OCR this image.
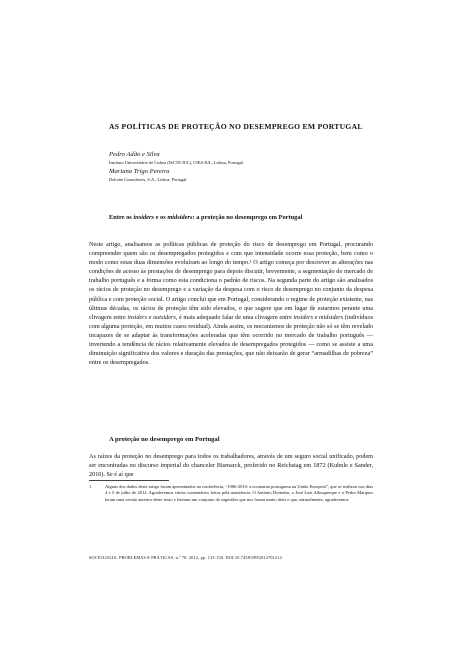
AS POLÍTICAS DE PROTEÇÃO NO DESEMPREGO EM PORTUGAL
Pedro Adão e Silva
Instituto Universitário de Lisboa (ISCTE-IUL), CIES-IUL, Lisboa, Portugal
Mariana Trigo Pereira
Deloitte Consultores, S.A., Lisboa, Portugal
Entre os insiders e os midsiders: a proteção no desemprego em Portugal

Neste artigo, analisamos as políticas públicas de proteção do risco de desemprego em Portugal, procurando compreender quem são os desempregados protegidos e com que intensidade ocorre essa proteção, bem como o modo como estas duas dimensões evoluíram ao longo do tempo.¹ O artigo começa por descrever as alterações nas condições de acesso às prestações de desemprego para depois discutir, brevemente, a segmentação do mercado de trabalho português e a forma como esta condiciona o padrão de riscos. Na segunda parte do artigo são analisados os rácios de proteção no desemprego e a variação da despesa com o risco de desemprego no conjunto da despesa pública e com proteção social. O artigo conclui que em Portugal, considerando o regime de proteção existente, nas últimas décadas, os rácios de proteção têm sido elevados, o que sugere que em lugar de estarmos perante uma clivagem entre insiders e outsiders, é mais adequado falar de uma clivagem entre insiders e midsiders (indivíduos com alguma proteção, em muitos casos residual). Ainda assim, os mecanismos de proteção não só se têm revelado incapazes de se adaptar às transformações aceleradas que têm ocorrido no mercado de trabalho português — invertendo a tendência de rácios relativamente elevados de desempregados protegidos — como se assiste a uma diminuição significativa dos valores e duração das prestações, que não deixarão de gerar “armadilhas de pobreza” entre os desempregados.

A proteção no desemprego em Portugal
As raízes da proteção no desemprego para todos os trabalhadores, através de um seguro social unificado, podem ser encontradas no discurso imperial do chanceler Bismarck, proferido no Reichstag em 1872 (Kuhnle e Sander, 2010). Se é aí que
1	Alguns dos dados deste artigo foram apresentados na conferência, “1986-2010: a economia portuguesa na União Europeia”, que se realizou nos dias 4 e 5 de julho de 2012. Agradecemos vários comentários feitos pela assistência. O António Dornelas, o José Luís Albuquerque e o Pedro Marques leram uma versão anterior deste texto e fizeram um conjunto de sugestões que nos foram muito úteis e que, naturalmente, agradecemos.
SOCIOLOGIA, PROBLEMAS E PRÁTICAS, n.º 70, 2012, pp. 133-150. DOI:10.7458/SPP2012701214
